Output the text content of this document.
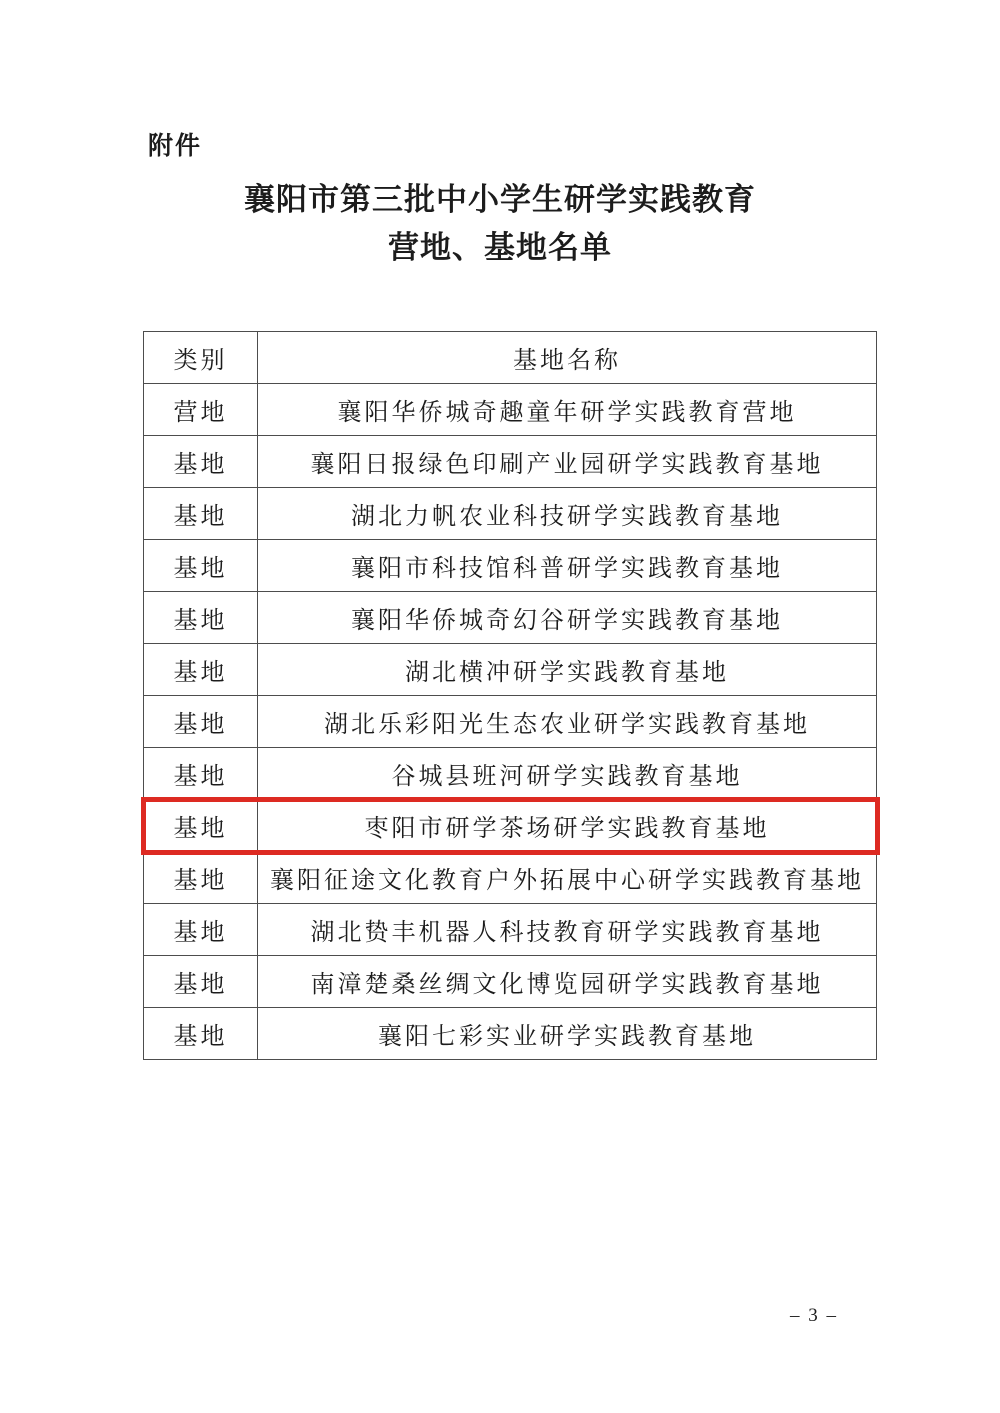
附件
襄阳市第三批中小学生研学实践教育
营地、基地名单
类别	基地名称
营地	襄阳华侨城奇趣童年研学实践教育营地
基地	襄阳日报绿色印刷产业园研学实践教育基地
基地	湖北力帆农业科技研学实践教育基地
基地	襄阳市科技馆科普研学实践教育基地
基地	襄阳华侨城奇幻谷研学实践教育基地
基地	湖北横冲研学实践教育基地
基地	湖北乐彩阳光生态农业研学实践教育基地
基地	谷城县班河研学实践教育基地
基地	枣阳市研学茶场研学实践教育基地
基地	襄阳征途文化教育户外拓展中心研学实践教育基地
基地	湖北贽丰机器人科技教育研学实践教育基地
基地	南漳楚桑丝绸文化博览园研学实践教育基地
基地	襄阳七彩实业研学实践教育基地
– 3 –
